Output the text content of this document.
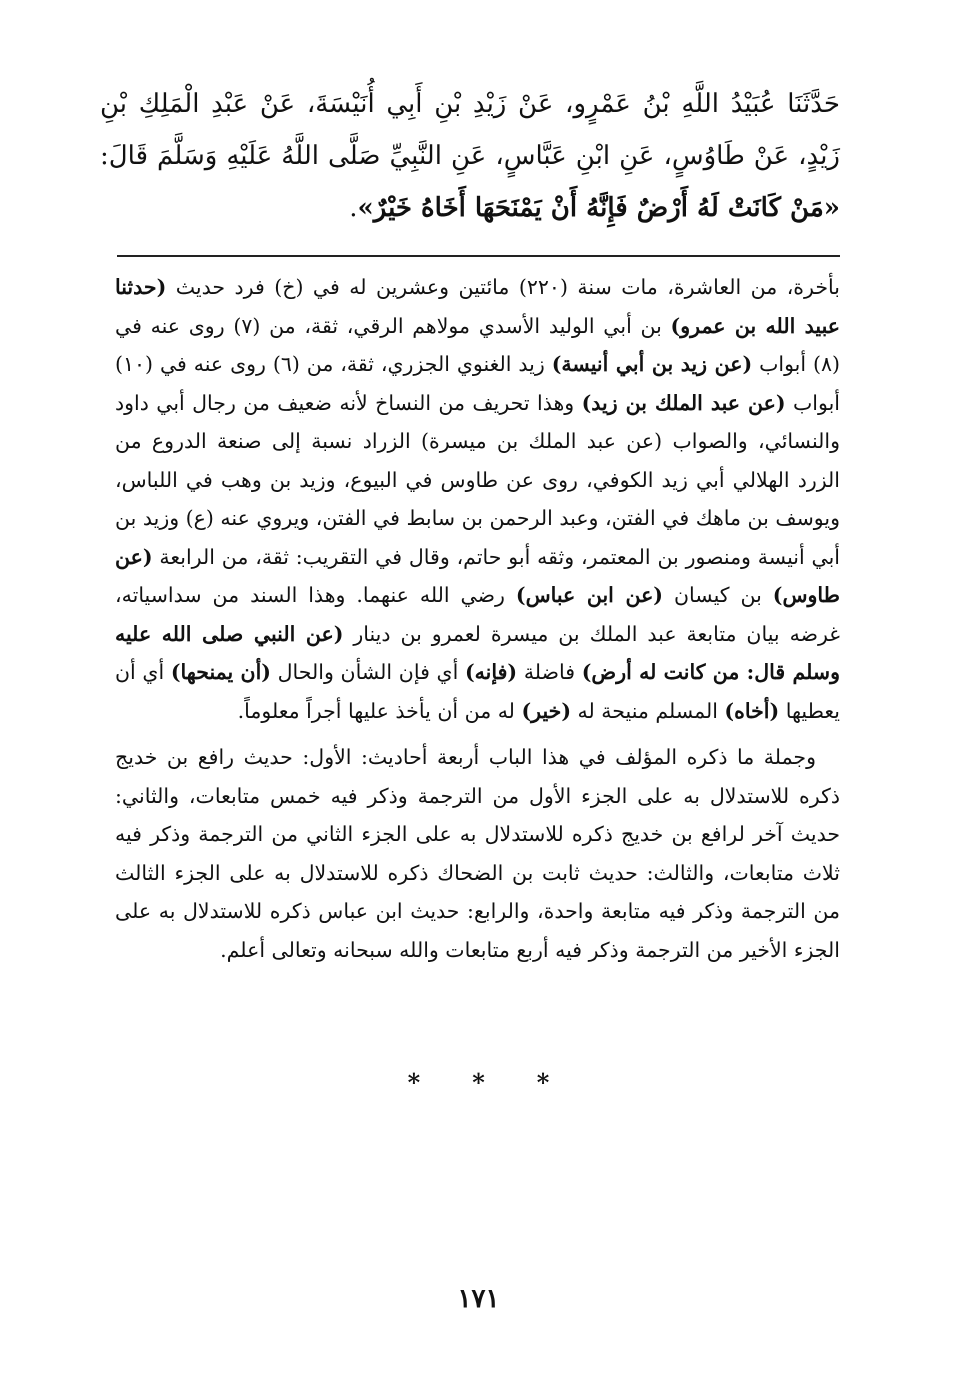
حَدَّثَنَا عُبَيْدُ اللَّهِ بْنُ عَمْرٍو، عَنْ زَيْدِ بْنِ أَبِي أُنَيْسَةَ، عَنْ عَبْدِ الْمَلِكِ بْنِ زَيْدٍ، عَنْ طَاوُسٍ، عَنِ ابْنِ عَبَّاسٍ، عَنِ النَّبِيِّ صَلَّى اللَّهُ عَلَيْهِ وَسَلَّمَ قَالَ: «مَنْ كَانَتْ لَهُ أَرْضٌ فَإِنَّهُ أَنْ يَمْنَحَهَا أَخَاهُ خَيْرٌ».

بأخرة، من العاشرة، مات سنة (٢٢٠) مائتين وعشرين له في (خ) فرد حديث (حدثنا عبيد الله بن عمرو) بن أبي الوليد الأسدي مولاهم الرقي، ثقة، من (٧) روى عنه في (٨) أبواب (عن زيد بن أبي أنيسة) زيد الغنوي الجزري، ثقة، من (٦) روى عنه في (١٠) أبواب (عن عبد الملك بن زيد) وهذا تحريف من النساخ لأنه ضعيف من رجال أبي داود والنسائي، والصواب (عن عبد الملك بن ميسرة) الزراد نسبة إلى صنعة الدروع من الزرد الهلالي أبي زيد الكوفي، روى عن طاوس في البيوع، وزيد بن وهب في اللباس، ويوسف بن ماهك في الفتن، وعبد الرحمن بن سابط في الفتن، ويروي عنه (ع) وزيد بن أبي أنيسة ومنصور بن المعتمر، وثقه أبو حاتم، وقال في التقريب: ثقة، من الرابعة (عن طاوس) بن كيسان (عن ابن عباس) رضي الله عنهما. وهذا السند من سداسياته، غرضه بيان متابعة عبد الملك بن ميسرة لعمرو بن دينار (عن النبي صلى الله عليه وسلم قال: من كانت له أرض) فاضلة (فإنه) أي فإن الشأن والحال (أن يمنحها) أي أن يعطيها (أخاه) المسلم منيحة له (خير) له من أن يأخذ عليها أجراً معلوماً.

وجملة ما ذكره المؤلف في هذا الباب أربعة أحاديث: الأول: حديث رافع بن خديج ذكره للاستدلال به على الجزء الأول من الترجمة وذكر فيه خمس متابعات، والثاني: حديث آخر لرافع بن خديج ذكره للاستدلال به على الجزء الثاني من الترجمة وذكر فيه ثلاث متابعات، والثالث: حديث ثابت بن الضحاك ذكره للاستدلال به على الجزء الثالث من الترجمة وذكر فيه متابعة واحدة، والرابع: حديث ابن عباس ذكره للاستدلال به على الجزء الأخير من الترجمة وذكر فيه أربع متابعات والله سبحانه وتعالى أعلم.

***
١٧١
